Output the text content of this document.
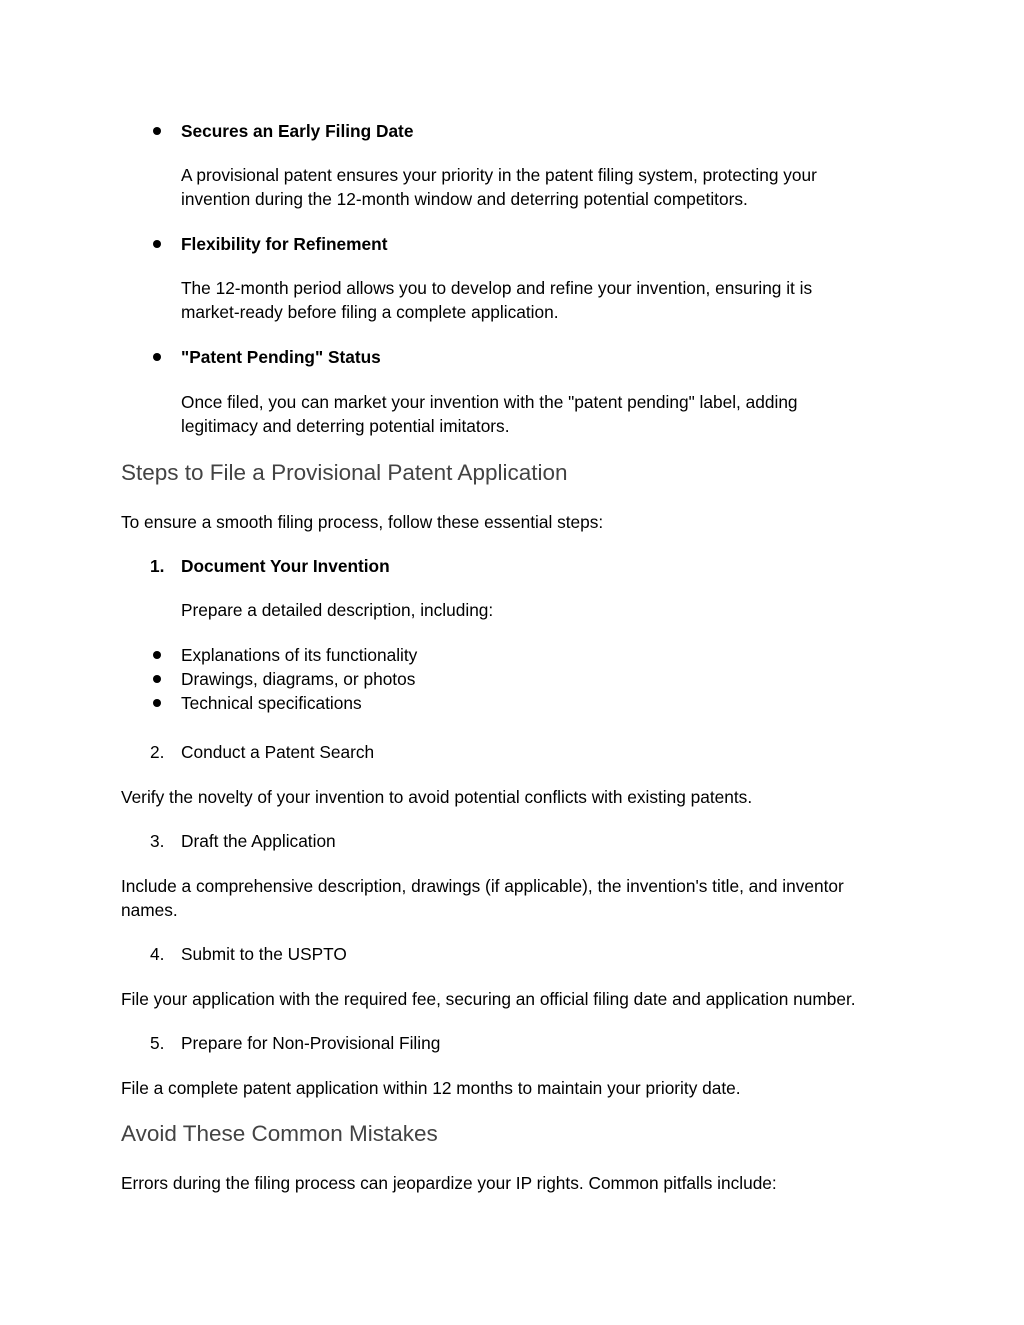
Secures an Early Filing Date
A provisional patent ensures your priority in the patent filing system, protecting your invention during the 12-month window and deterring potential competitors.
Flexibility for Refinement
The 12-month period allows you to develop and refine your invention, ensuring it is market-ready before filing a complete application.
"Patent Pending" Status
Once filed, you can market your invention with the "patent pending" label, adding legitimacy and deterring potential imitators.
Steps to File a Provisional Patent Application
To ensure a smooth filing process, follow these essential steps:
1. Document Your Invention
Prepare a detailed description, including:
Explanations of its functionality
Drawings, diagrams, or photos
Technical specifications
2. Conduct a Patent Search
Verify the novelty of your invention to avoid potential conflicts with existing patents.
3. Draft the Application
Include a comprehensive description, drawings (if applicable), the invention's title, and inventor names.
4. Submit to the USPTO
File your application with the required fee, securing an official filing date and application number.
5. Prepare for Non-Provisional Filing
File a complete patent application within 12 months to maintain your priority date.
Avoid These Common Mistakes
Errors during the filing process can jeopardize your IP rights. Common pitfalls include:
